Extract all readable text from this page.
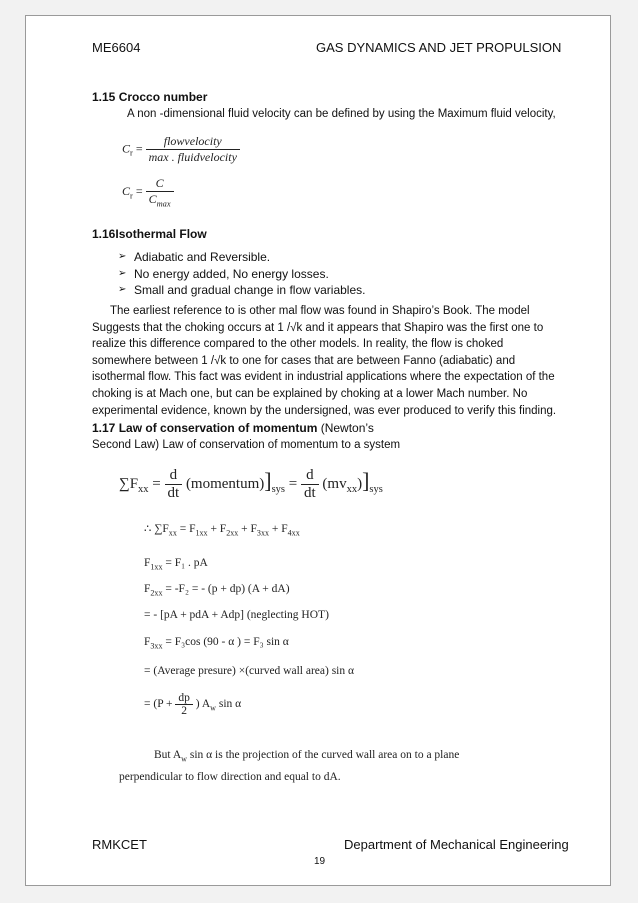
ME6604	GAS DYNAMICS AND JET PROPULSION
1.15 Crocco number
A non -dimensional fluid velocity can be defined by using the Maximum fluid velocity,
$C_r = \frac{\text{flowvelocity}}{\text{max . fluidvelocity}}$
$C_r = \frac{C}{C_{max}}$
1.16Isothermal Flow
➢ Adiabatic and Reversible.
➢ No energy added, No energy losses.
➢ Small and gradual change in flow variables.
The earliest reference to is other mal flow was found in Shapiro’s Book. The model
Suggests that the choking occurs at 1 /√k and it appears that Shapiro was the first one to
realize this difference compared to the other models. In reality, the flow is choked
somewhere between 1 /√k to one for cases that are between Fanno (adiabatic) and
isothermal flow. This fact was evident in industrial applications where the expectation of the
choking is at Mach one, but can be explained by choking at a lower Mach number. No
experimental evidence, known by the undersigned, was ever produced to verify this finding.
1.17 Law of conservation of momentum (Newton’s
Second Law) Law of conservation of momentum to a system
$\sum F_{xx} = \frac{d}{dt}$ $(momentum)]_{sys} = \frac{d}{dt} (mv_{xx})]_{sys}$
∴ $\sum F_{xx} = F_{1xx} + F_{2xx} + F_{3xx} + F_{4xx}$
$F_{1xx} = F_1$ . pA
$F_{2xx} = -F_2$ = - (p + dp) (A + dA)
= - [pA + pdA + Adp] (neglecting HOT)
$F_{3xx} = F_3\cos$ (90 - α ) = F₃ sin α
= (Average presure) ×(curved wall area) sin α
= ($P + \frac{dp}{2}$ ) $A_w$ sin α
But $A_w$ sin α is the projection of the curved wall area on to a plane
perpendicular to flow direction and equal to dA.
RMKCET	Department of Mechanical Engineering
19
